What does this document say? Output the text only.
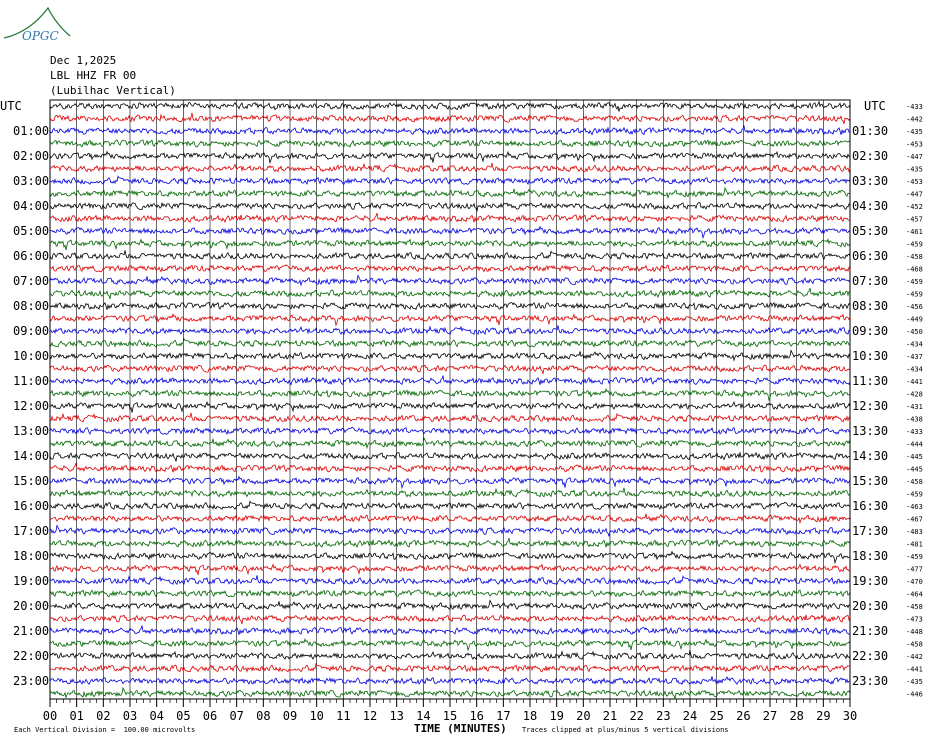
OPGC
Dec 1,2025
LBL HHZ FR 00
(Lubilhac Vertical)
00 01 02 03 04 05 06 07 08 09 10 11 12 13 14 15 16 17 18 19 20 21 22 23 24 25 26 27 28 29 30
-433
-442
-435
-453
-447
-435
-453
-447
-452
-457
-461
-459
-458
-468
-459
-459
-456
-449
-450
-434
-437
-434
-441
-428
-431
-438
-433
-444
-445
-445
-458
-459
-463
-467
-483
-481
-459
-477
-470
-464
-458
-473
-448
-458
-442
-441
-435
-446
UTC	UTC
01:00
02:00
03:00
04:00
05:00
06:00
07:00
08:00
09:00
10:00
11:00
12:00
13:00
14:00
15:00
16:00
17:00
18:00
19:00
20:00
21:00
22:00
23:00
01:30
02:30
03:30
04:30
05:30
06:30
07:30
08:30
09:30
10:30
11:30
12:30
13:30
14:30
15:30
16:30
17:30
18:30
19:30
20:30
21:30
22:30
23:30
Each Vertical Division =  100.00 microvolts	TIME (MINUTES) Traces clipped at plus/minus 5 vertical divisions
